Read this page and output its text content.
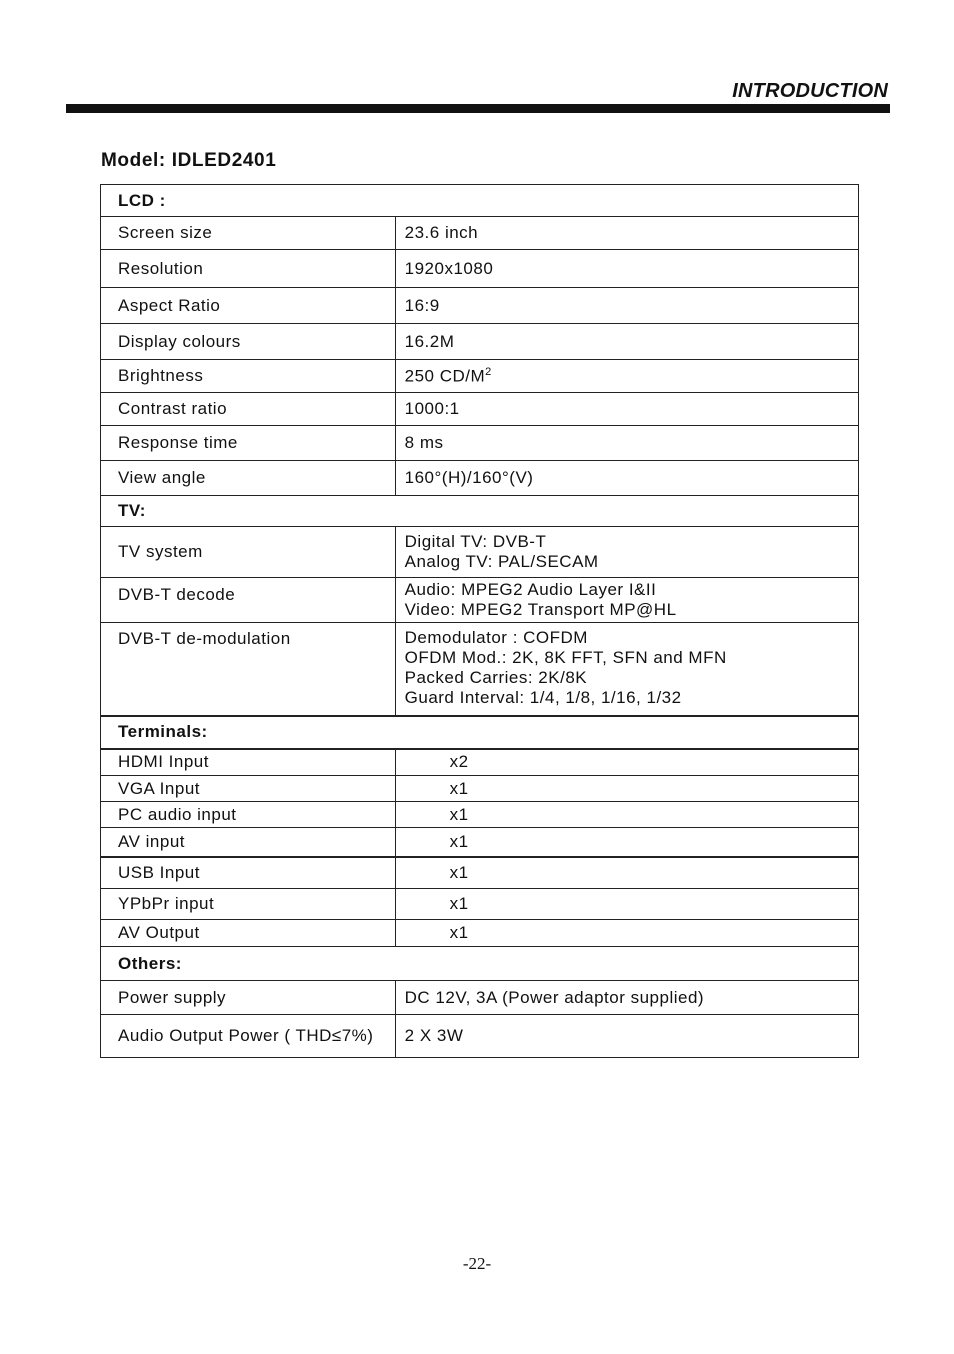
INTRODUCTION
Model: IDLED2401
LCD :	
Screen size	23.6 inch
Resolution	1920x1080
Aspect Ratio	16:9
Display colours	16.2M
Brightness	250 $CD/M^2$
Contrast ratio	1000:1
Response time	8 ms
View angle	160°(H)/160°(V)
TV:	
TV system	Digital TV: DVB-T
Analog TV: PAL/SECAM

DVB-T decode	Audio: MPEG2 Audio Layer I&II
Video: MPEG2 Transport MP@HL

DVB-T de-modulation	Demodulator : COFDM
OFDM Mod.: 2K, 8K FFT, SFN and MFN
Packed Carries: 2K/8K
Guard Interval: 1/4, 1/8, 1/16, 1/32

Terminals:	
HDMI Input	x2
VGA Input	x1
PC audio input	x1
AV input	x1
USB Input	x1
YPbPr input	x1
AV Output	x1
Others:	
Power supply	DC 12V, 3A (Power adaptor supplied)
Audio Output Power ( THD≤7%)	2 X 3W
-22-
